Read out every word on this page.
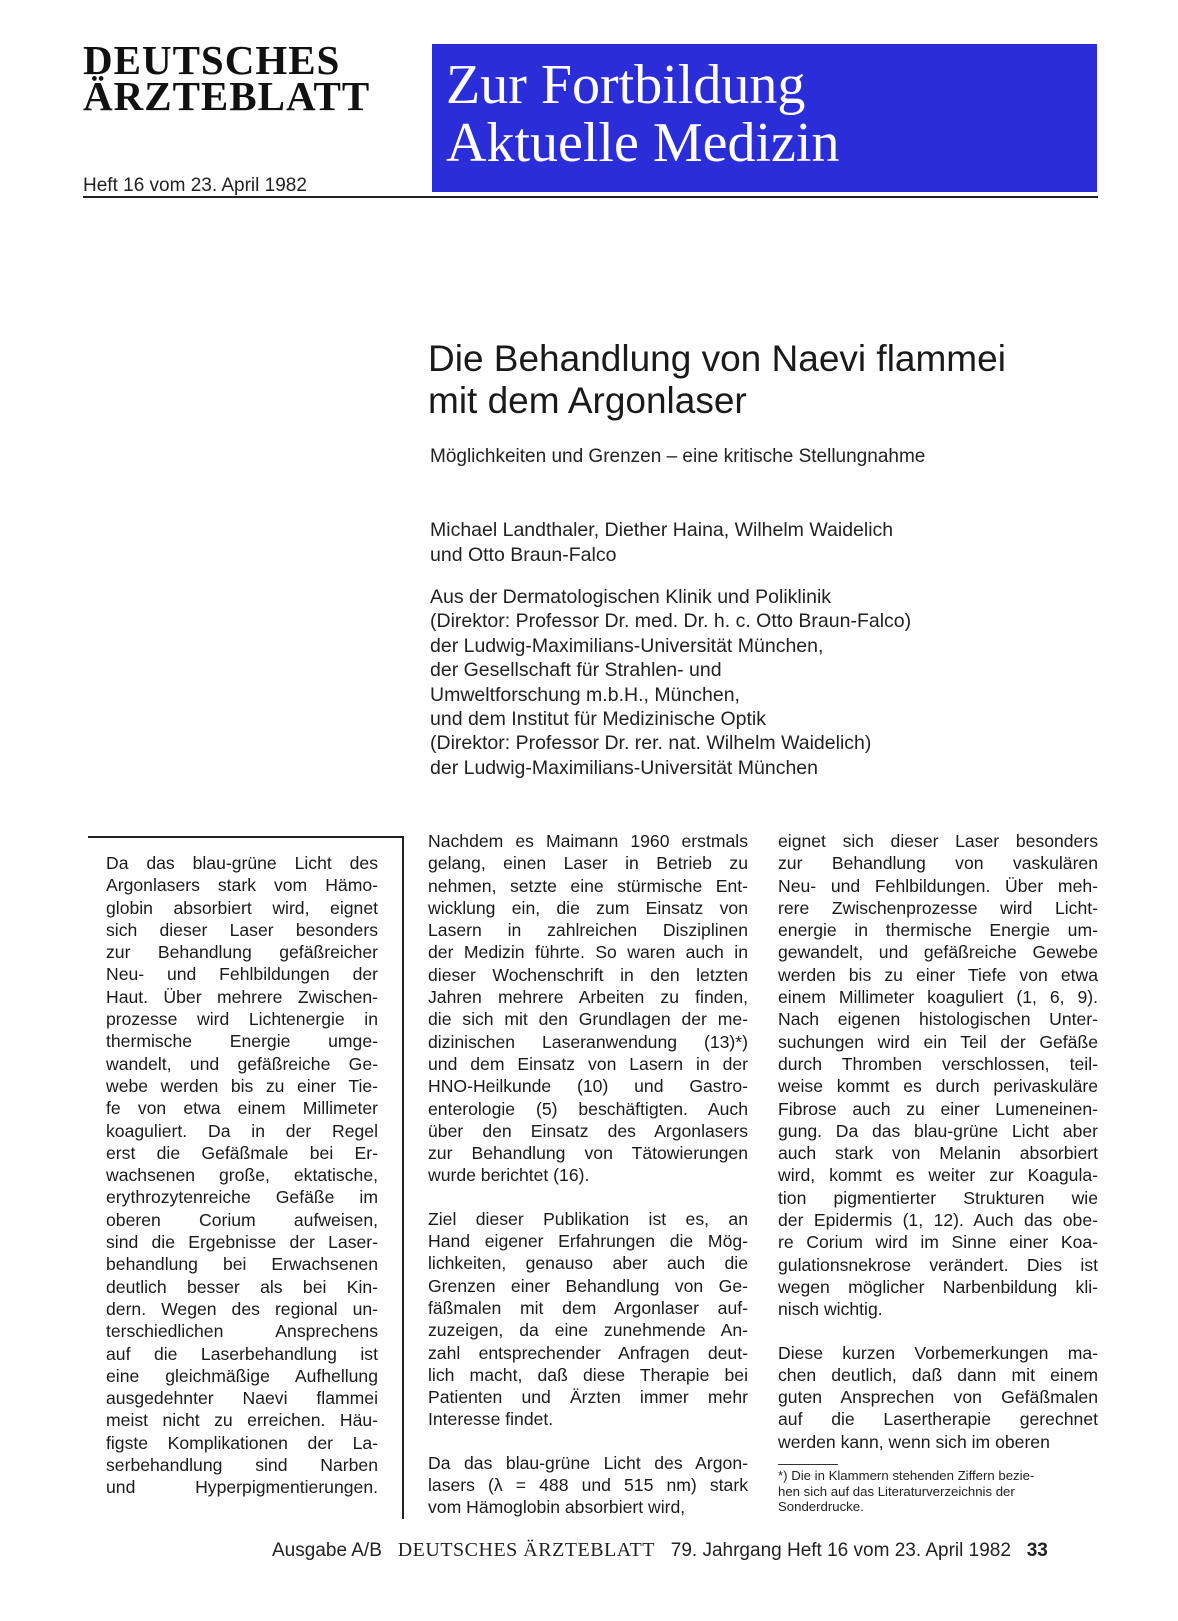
DEUTSCHES
ÄRZTEBLATT
Heft 16 vom 23. April 1982
Zur Fortbildung
Aktuelle Medizin
Die Behandlung von Naevi flammei
mit dem Argonlaser
Möglichkeiten und Grenzen – eine kritische Stellungnahme
Michael Landthaler, Diether Haina, Wilhelm Waidelich
und Otto Braun-Falco
Aus der Dermatologischen Klinik und Poliklinik
(Direktor: Professor Dr. med. Dr. h. c. Otto Braun-Falco)
der Ludwig-Maximilians-Universität München,
der Gesellschaft für Strahlen- und
Umweltforschung m.b.H., München,
und dem Institut für Medizinische Optik
(Direktor: Professor Dr. rer. nat. Wilhelm Waidelich)
der Ludwig-Maximilians-Universität München
Da das blau-grüne Licht des
Argonlasers stark vom Hämo-
globin absorbiert wird, eignet
sich dieser Laser besonders
zur Behandlung gefäßreicher
Neu- und Fehlbildungen der
Haut. Über mehrere Zwischen-
prozesse wird Lichtenergie in
thermische Energie umge-
wandelt, und gefäßreiche Ge-
webe werden bis zu einer Tie-
fe von etwa einem Millimeter
koaguliert. Da in der Regel
erst die Gefäßmale bei Er-
wachsenen große, ektatische,
erythrozytenreiche Gefäße im
oberen Corium aufweisen,
sind die Ergebnisse der Laser-
behandlung bei Erwachsenen
deutlich besser als bei Kin-
dern. Wegen des regional un-
terschiedlichen Ansprechens
auf die Laserbehandlung ist
eine gleichmäßige Aufhellung
ausgedehnter Naevi flammei
meist nicht zu erreichen. Häu-
figste Komplikationen der La-
serbehandlung sind Narben
und Hyperpigmentierungen.
Nachdem es Maimann 1960 erstmals
gelang, einen Laser in Betrieb zu
nehmen, setzte eine stürmische Ent-
wicklung ein, die zum Einsatz von
Lasern in zahlreichen Disziplinen
der Medizin führte. So waren auch in
dieser Wochenschrift in den letzten
Jahren mehrere Arbeiten zu finden,
die sich mit den Grundlagen der me-
dizinischen Laseranwendung (13)*)
und dem Einsatz von Lasern in der
HNO-Heilkunde (10) und Gastro-
enterologie (5) beschäftigten. Auch
über den Einsatz des Argonlasers
zur Behandlung von Tätowierungen
wurde berichtet (16).
Ziel dieser Publikation ist es, an
Hand eigener Erfahrungen die Mög-
lichkeiten, genauso aber auch die
Grenzen einer Behandlung von Ge-
fäßmalen mit dem Argonlaser auf-
zuzeigen, da eine zunehmende An-
zahl entsprechender Anfragen deut-
lich macht, daß diese Therapie bei
Patienten und Ärzten immer mehr
Interesse findet.
Da das blau-grüne Licht des Argon-
lasers (λ = 488 und 515 nm) stark
vom Hämoglobin absorbiert wird,
eignet sich dieser Laser besonders
zur Behandlung von vaskulären
Neu- und Fehlbildungen. Über meh-
rere Zwischenprozesse wird Licht-
energie in thermische Energie um-
gewandelt, und gefäßreiche Gewebe
werden bis zu einer Tiefe von etwa
einem Millimeter koaguliert (1, 6, 9).
Nach eigenen histologischen Unter-
suchungen wird ein Teil der Gefäße
durch Thromben verschlossen, teil-
weise kommt es durch perivaskuläre
Fibrose auch zu einer Lumeneinen-
gung. Da das blau-grüne Licht aber
auch stark von Melanin absorbiert
wird, kommt es weiter zur Koagula-
tion pigmentierter Strukturen wie
der Epidermis (1, 12). Auch das obe-
re Corium wird im Sinne einer Koa-
gulationsnekrose verändert. Dies ist
wegen möglicher Narbenbildung kli-
nisch wichtig.
Diese kurzen Vorbemerkungen ma-
chen deutlich, daß dann mit einem
guten Ansprechen von Gefäßmalen
auf die Lasertherapie gerechnet
werden kann, wenn sich im oberen
*) Die in Klammern stehenden Ziffern bezie-
hen sich auf das Literaturverzeichnis der
Sonderdrucke.
Ausgabe A/B DEUTSCHES ÄRZTEBLATT 79. Jahrgang Heft 16 vom 23. April 1982 33
